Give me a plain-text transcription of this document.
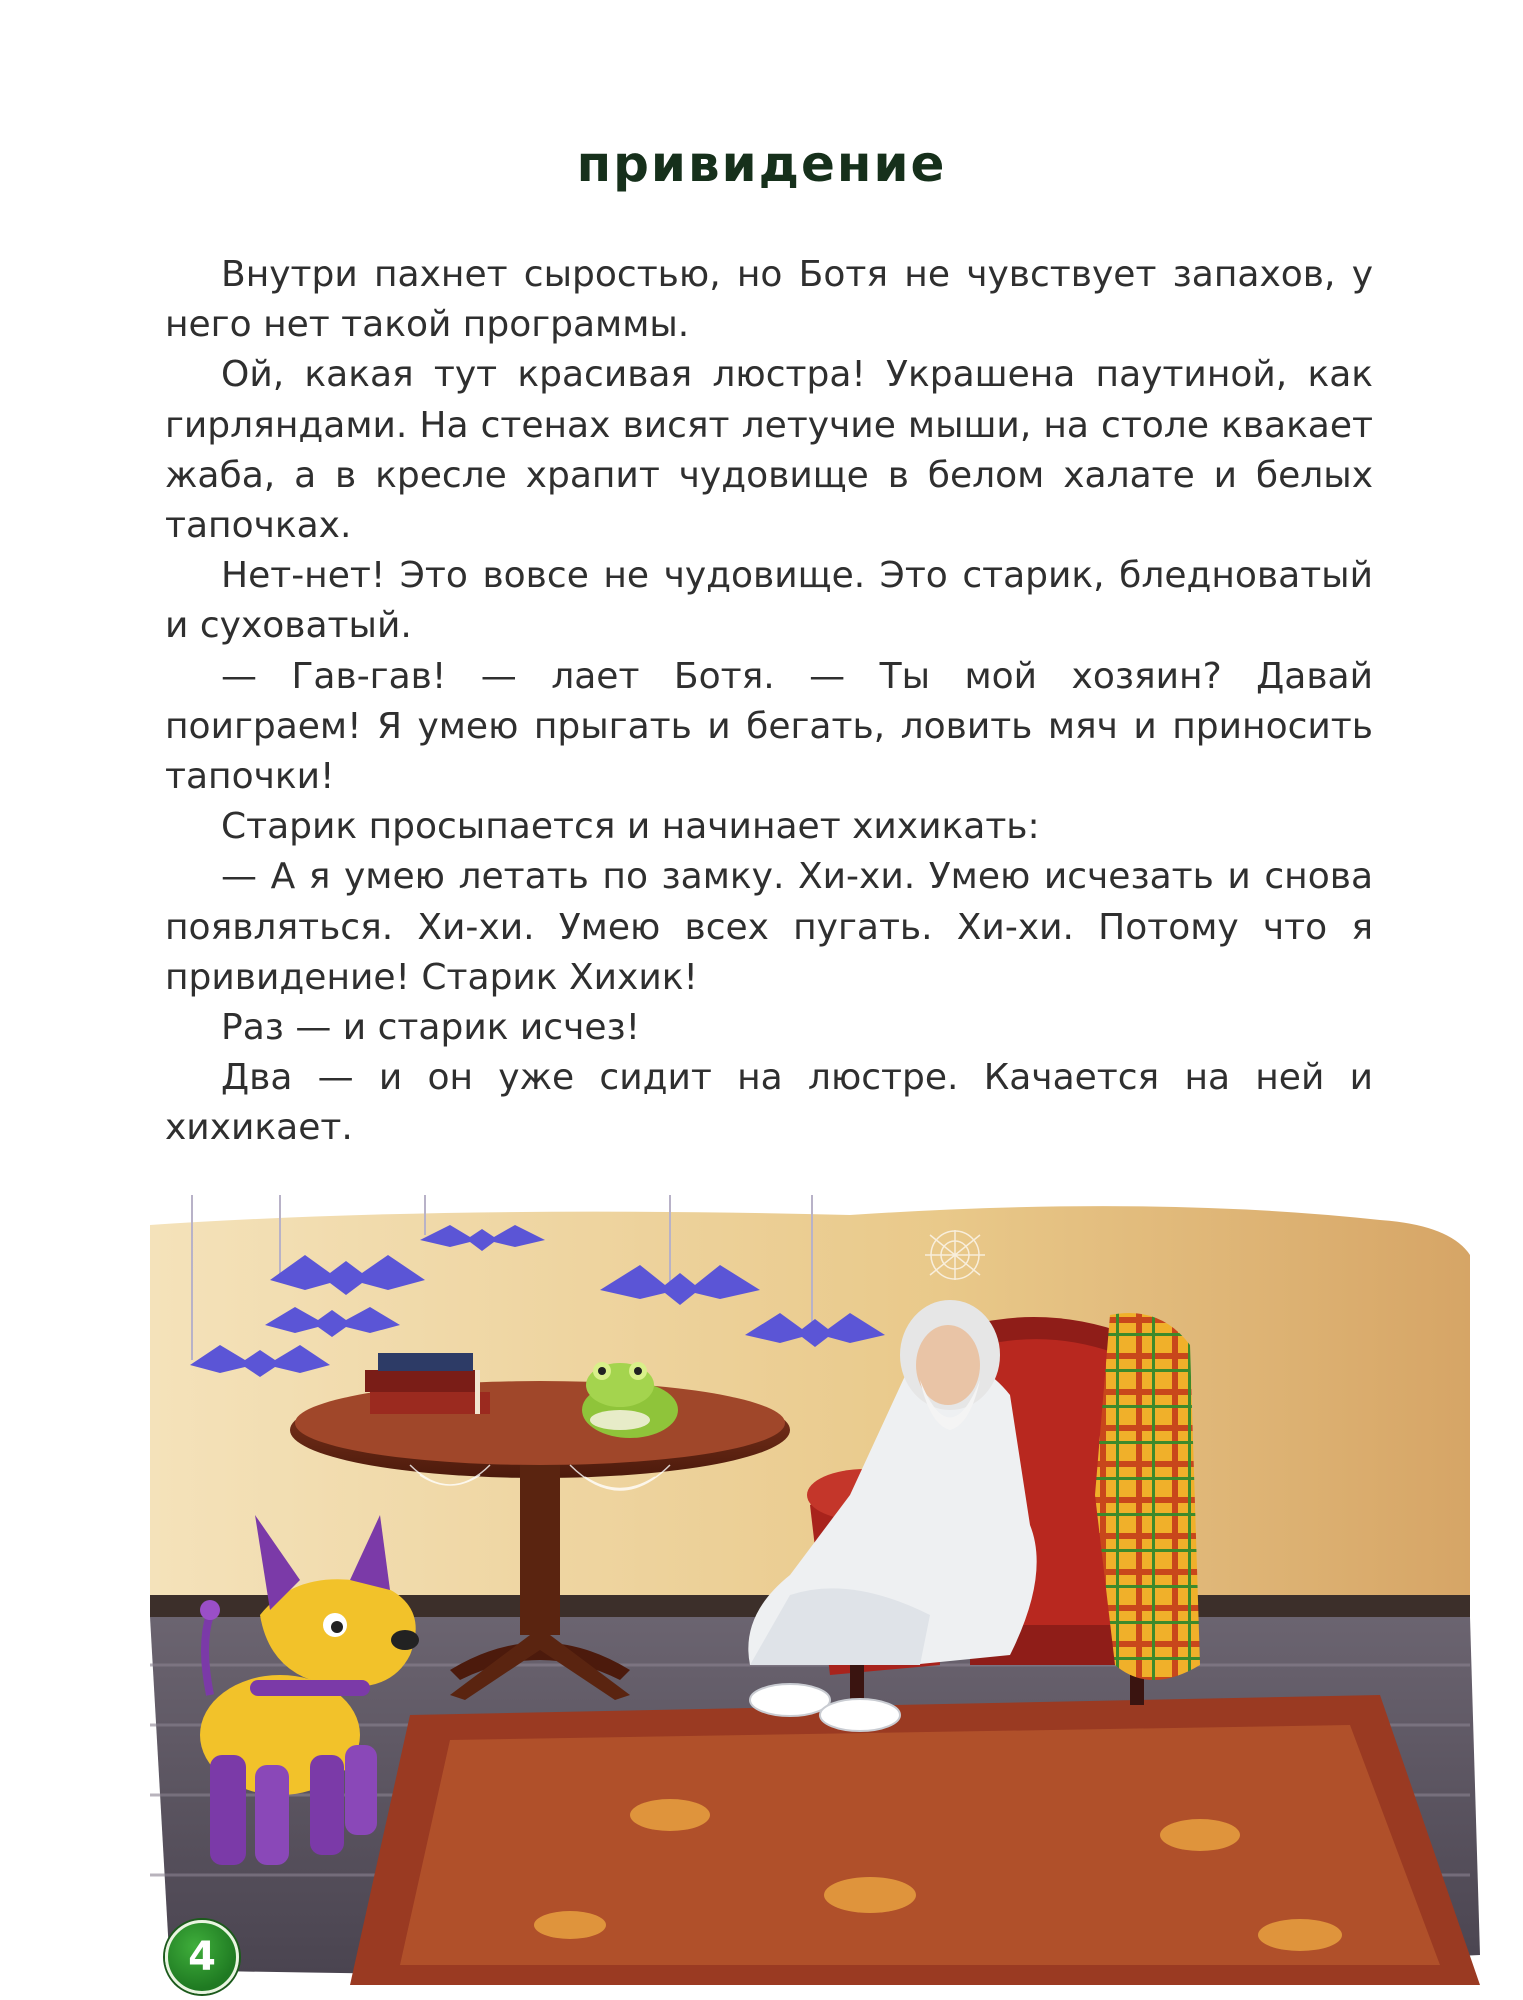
привидение

Внутри пахнет сыростью, но Ботя не чувствует запахов, у него нет такой программы.

Ой, какая тут красивая люстра! Украшена паутиной, как гирляндами. На стенах висят летучие мыши, на столе квакает жаба, а в кресле храпит чудовище в белом халате и белых тапочках.

Нет-нет! Это вовсе не чудовище. Это старик, бледноватый и суховатый.

— Гав-гав! — лает Ботя. — Ты мой хозяин? Давай поиграем! Я умею прыгать и бегать, ловить мяч и приносить тапочки!

Старик просыпается и начинает хихикать:

— А я умею летать по замку. Хи-хи. Умею исчезать и снова появляться. Хи-хи. Умею всех пугать. Хи-хи. Потому что я привидение! Старик Хихик!

Раз — и старик исчез!

Два — и он уже сидит на люстре. Качается на ней и хихикает.

4
